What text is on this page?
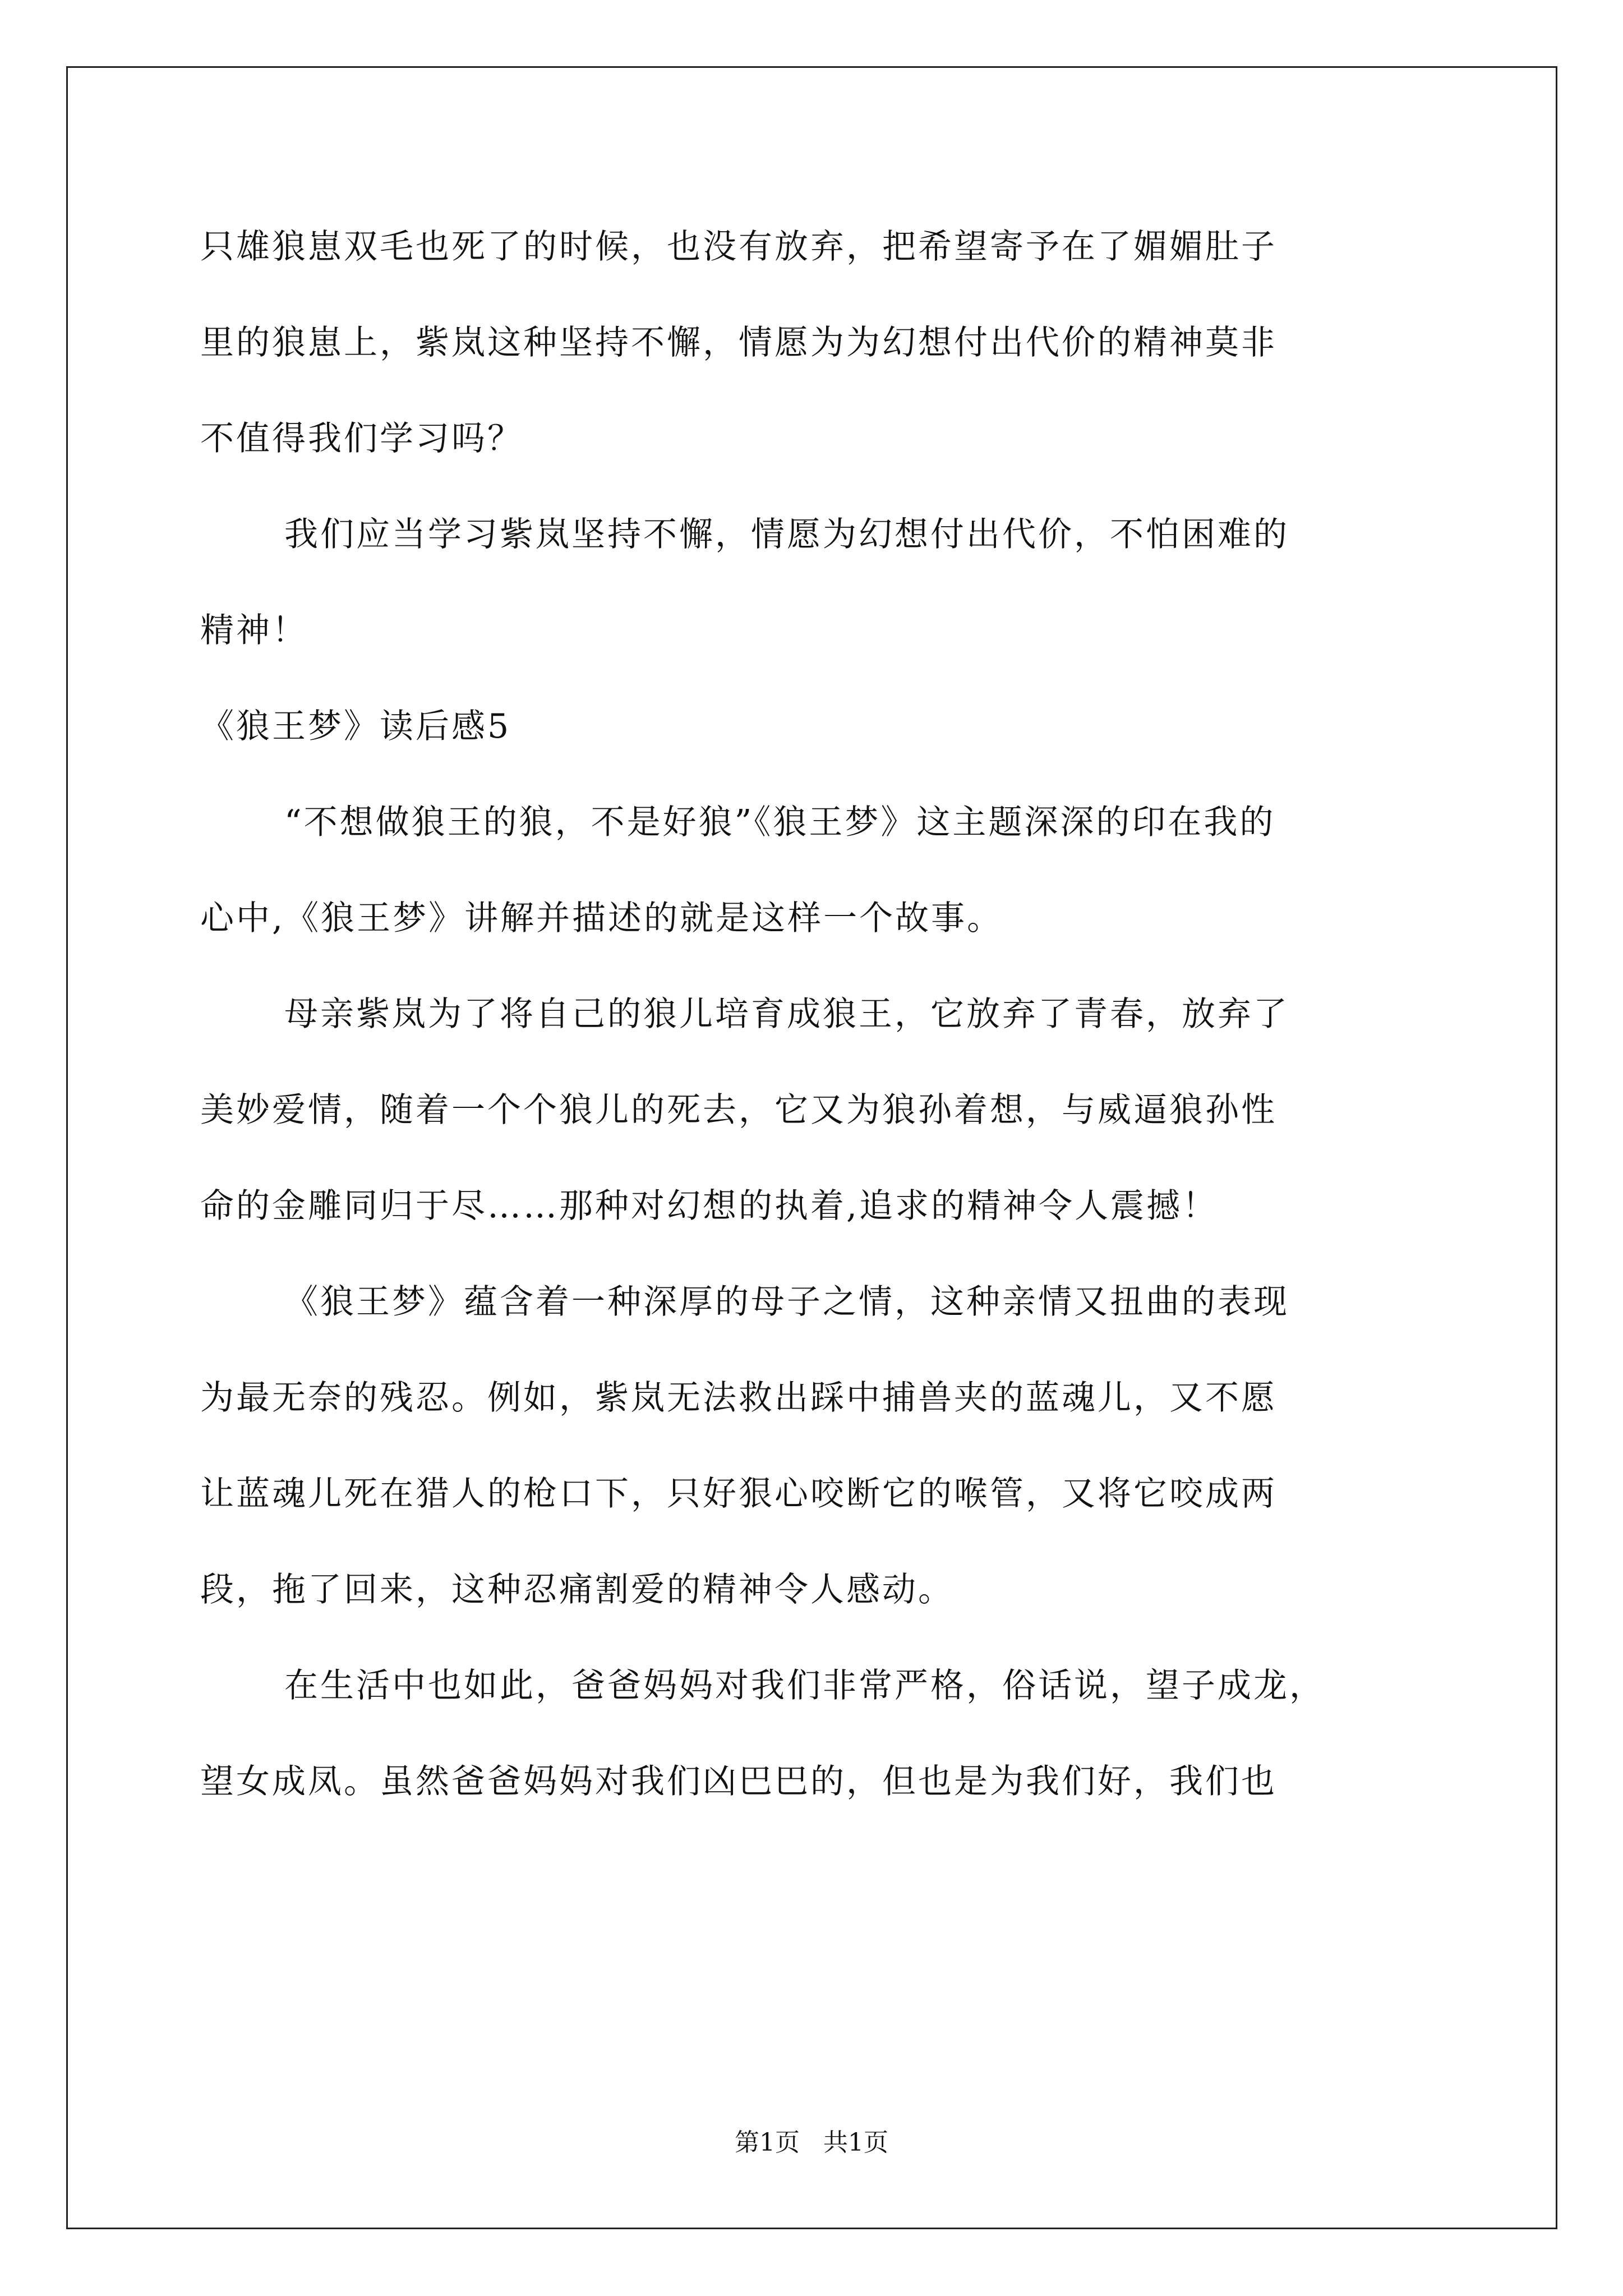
只雄狼崽双毛也死了的时候，也没有放弃，把希望寄予在了媚媚肚子
里的狼崽上，紫岚这种坚持不懈，情愿为为幻想付出代价的精神莫非
不值得我们学习吗？
我们应当学习紫岚坚持不懈，情愿为幻想付出代价，不怕困难的
精神！
《狼王梦》读后感5
“不想做狼王的狼，不是好狼”《狼王梦》这主题深深的印在我的
心中,《狼王梦》讲解并描述的就是这样一个故事。
母亲紫岚为了将自己的狼儿培育成狼王，它放弃了青春，放弃了
美妙爱情，随着一个个狼儿的死去，它又为狼孙着想，与威逼狼孙性
命的金雕同归于尽……那种对幻想的执着,追求的精神令人震撼！
《狼王梦》蕴含着一种深厚的母子之情，这种亲情又扭曲的表现
为最无奈的残忍。例如，紫岚无法救出踩中捕兽夹的蓝魂儿，又不愿
让蓝魂儿死在猎人的枪口下，只好狠心咬断它的喉管，又将它咬成两
段，拖了回来，这种忍痛割爱的精神令人感动。
在生活中也如此，爸爸妈妈对我们非常严格，俗话说，望子成龙，
望女成凤。虽然爸爸妈妈对我们凶巴巴的，但也是为我们好，我们也
第1页 共1页
